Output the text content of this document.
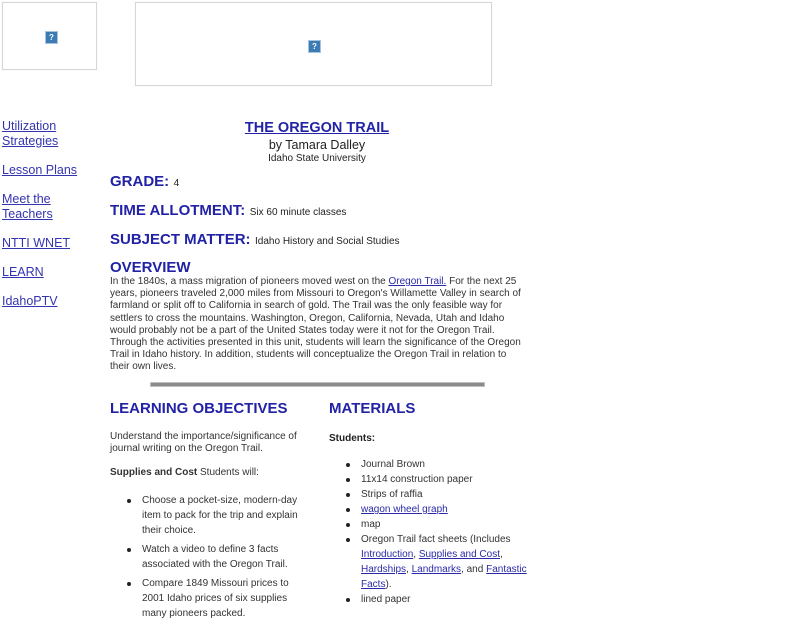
?
?
Utilization Strategies
Lesson Plans
Meet the Teachers
NTTI WNET
LEARN
IdahoPTV
THE OREGON TRAIL
by Tamara Dalley
Idaho State University
GRADE: 4
TIME ALLOTMENT: Six 60 minute classes
SUBJECT MATTER: Idaho History and Social Studies
OVERVIEW

In the 1840s, a mass migration of pioneers moved west on the Oregon Trail. For the next 25 years, pioneers traveled 2,000 miles from Missouri to Oregon's Willamette Valley in search of farmland or split off to California in search of gold. The Trail was the only feasible way for settlers to cross the mountains. Washington, Oregon, California, Nevada, Utah and Idaho would probably not be a part of the United States today were it not for the Oregon Trail. Through the activities presented in this unit, students will learn the significance of the Oregon Trail in Idaho history. In addition, students will conceptualize the Oregon Trail in relation to their own lives.

LEARNING OBJECTIVES

Understand the importance/significance of journal writing on the Oregon Trail.

Supplies and Cost Students will:

Choose a pocket-size, modern-day item to pack for the trip and explain their choice.
Watch a video to define 3 facts associated with the Oregon Trail.
Compare 1849 Missouri prices to 2001 Idaho prices of six supplies many pioneers packed.
MATERIALS

Students:

Journal Brown
11x14 construction paper
Strips of raffia
wagon wheel graph
map
Oregon Trail fact sheets (Includes Introduction, Supplies and Cost, Hardships, Landmarks, and Fantastic Facts).
lined paper
